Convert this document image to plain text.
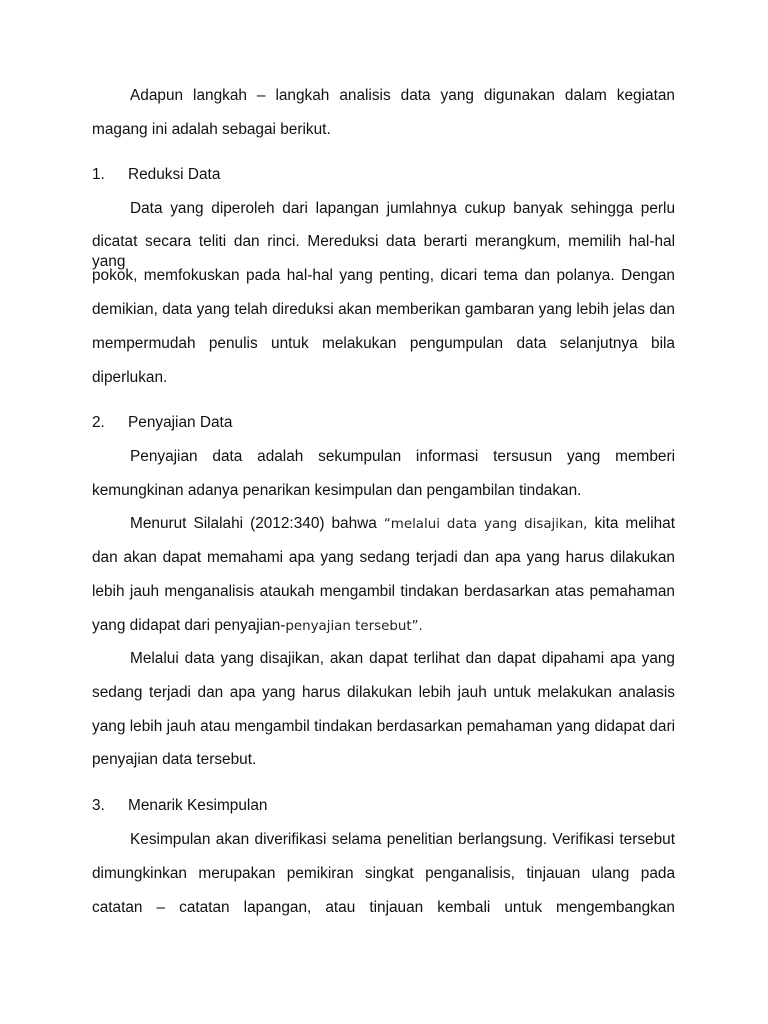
Adapun langkah – langkah analisis data yang digunakan dalam kegiatan
magang ini adalah sebagai berikut.
1. Reduksi Data
Data yang diperoleh dari lapangan jumlahnya cukup banyak sehingga perlu
dicatat secara teliti dan rinci. Mereduksi data berarti merangkum, memilih hal-hal yang
pokok, memfokuskan pada hal-hal yang penting, dicari tema dan polanya. Dengan
demikian, data yang telah direduksi akan memberikan gambaran yang lebih jelas dan
mempermudah penulis untuk melakukan pengumpulan data selanjutnya bila
diperlukan.
2. Penyajian Data
Penyajian data adalah sekumpulan informasi tersusun yang memberi
kemungkinan adanya penarikan kesimpulan dan pengambilan tindakan.
Menurut Silalahi (2012:340) bahwa “melalui data yang disajikan, kita melihat
dan akan dapat memahami apa yang sedang terjadi dan apa yang harus dilakukan
lebih jauh menganalisis ataukah mengambil tindakan berdasarkan atas pemahaman
yang didapat dari penyajian-penyajian tersebut”.
Melalui data yang disajikan, akan dapat terlihat dan dapat dipahami apa yang
sedang terjadi dan apa yang harus dilakukan lebih jauh untuk melakukan analasis
yang lebih jauh atau mengambil tindakan berdasarkan pemahaman yang didapat dari
penyajian data tersebut.
3. Menarik Kesimpulan
Kesimpulan akan diverifikasi selama penelitian berlangsung. Verifikasi tersebut
dimungkinkan merupakan pemikiran singkat penganalisis, tinjauan ulang pada
catatan – catatan lapangan, atau tinjauan kembali untuk mengembangkan
